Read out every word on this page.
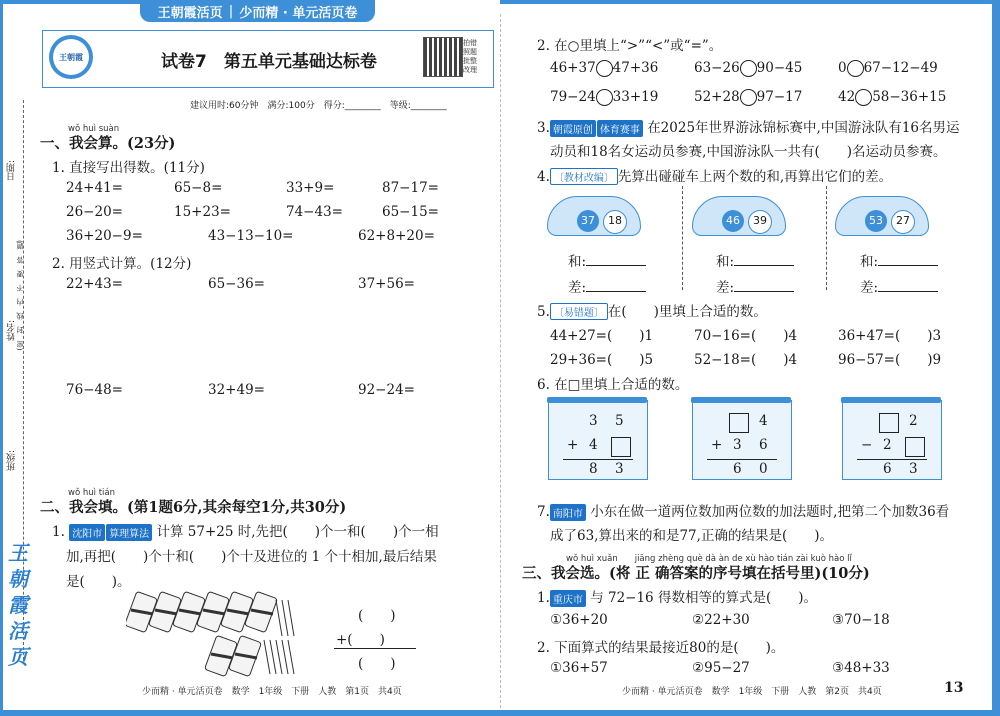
王朝霞活页 | 少而精 · 单元活页卷
日期:
姓名: (密　封　线　内　不　要　答　题)
班级:
王
朝
霞
活
页
王朝霞	试卷7　第五单元基础达标卷
拍错
照题
批整
改理
建议用时:60分钟　满分:100分　得分:________　等级:________
wǒ huì suàn
一、我会算。(23分)
1. 直接写出得数。(11分)
24+41=	65−8=	33+9=	87−17=
26−20=	15+23=	74−43=	65−15=
36+20−9=	43−13−10=	62+8+20=
2. 用竖式计算。(12分)
22+43=	65−36=	37+56=
76−48=	32+49=	92−24=
wǒ huì tián
二、我会填。(第1题6分,其余每空1分,共30分)
1. 沈阳市 算理算法 计算 57+25 时,先把(　　)个一和(　　)个一相
加,再把(　　)个十和(　　)个十及进位的 1 个十相加,最后结果
是(　　)。
(　　)
+(　　)
(　　)
少而精 · 单元活页卷　数学　1年级　下册　人教　第1页　共4页
2. 在○里填上“>”“<”或“=”。
46+37 47+36	63−26 90−45	0 67−12−49
79−24 33+19	52+28 97−17	42 58−36+15
3. 朝霞原创 体育赛事 在2025年世界游泳锦标赛中,中国游泳队有16名男运
动员和18名女运动员参赛,中国游泳队一共有(　　)名运动员参赛。
4. 〔教材改编〕 先算出碰碰车上两个数的和,再算出它们的差。
37	18	46	39	53	27
和:	和:	和:
差:	差:	差:
5. 〔易错题〕 在(　　)里填上合适的数。
44+27=(　　)1	70−16=(　　)4	36+47=(　　)3
29+36=(　　)5	52−18=(　　)4	96−57=(　　)9
6. 在□里填上合适的数。
3 5
+ 4
8 3
4
+ 3 6
6 0
2
− 2
6 3
7. 南阳市 小东在做一道两位数加两位数的加法题时,把第二个加数36看
成了63,算出来的和是77,正确的结果是(　　)。
wǒ huì xuǎn　　jiāng zhèng què dà àn de xù hào tián zài kuò hào lǐ
三、我会选。(将 正 确答案的序号填在括号里)(10分)
1. 重庆市 与 72−16 得数相等的算式是(　　)。
①36+20	②22+30	③70−18
2. 下面算式的结果最接近80的是(　　)。
①36+57	②95−27	③48+33
少而精 · 单元活页卷　数学　1年级　下册　人教　第2页　共4页	13
